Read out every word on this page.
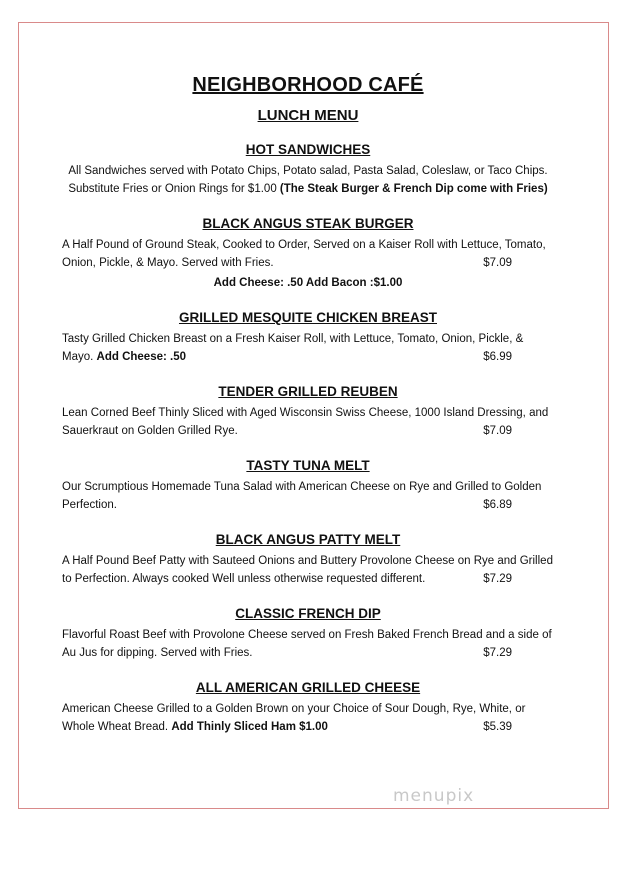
NEIGHBORHOOD CAFÉ
LUNCH MENU
HOT SANDWICHES
All Sandwiches served with Potato Chips, Potato salad, Pasta Salad, Coleslaw, or Taco Chips.
Substitute Fries or Onion Rings for $1.00 (The Steak Burger & French Dip come with Fries)
BLACK ANGUS STEAK BURGER
A Half Pound of Ground Steak, Cooked to Order, Served on a Kaiser Roll with Lettuce, Tomato, Onion, Pickle, & Mayo. Served with Fries.	$7.09
Add Cheese: .50 Add Bacon :$1.00
GRILLED MESQUITE CHICKEN BREAST
Tasty Grilled Chicken Breast on a Fresh Kaiser Roll, with Lettuce, Tomato, Onion, Pickle, & Mayo. Add Cheese: .50	$6.99
TENDER GRILLED REUBEN
Lean Corned Beef Thinly Sliced with Aged Wisconsin Swiss Cheese, 1000 Island Dressing, and Sauerkraut on Golden Grilled Rye.	$7.09
TASTY TUNA MELT
Our Scrumptious Homemade Tuna Salad with American Cheese on Rye and Grilled to Golden Perfection.	$6.89
BLACK ANGUS PATTY MELT
A Half Pound Beef Patty with Sauteed Onions and Buttery Provolone Cheese on Rye and Grilled to Perfection. Always cooked Well unless otherwise requested different.	$7.29
CLASSIC FRENCH DIP
Flavorful Roast Beef with Provolone Cheese served on Fresh Baked French Bread and a side of Au Jus for dipping. Served with Fries.	$7.29
ALL AMERICAN GRILLED CHEESE
American Cheese Grilled to a Golden Brown on your Choice of Sour Dough, Rye, White, or Whole Wheat Bread. Add Thinly Sliced Ham $1.00	$5.39
menupix
